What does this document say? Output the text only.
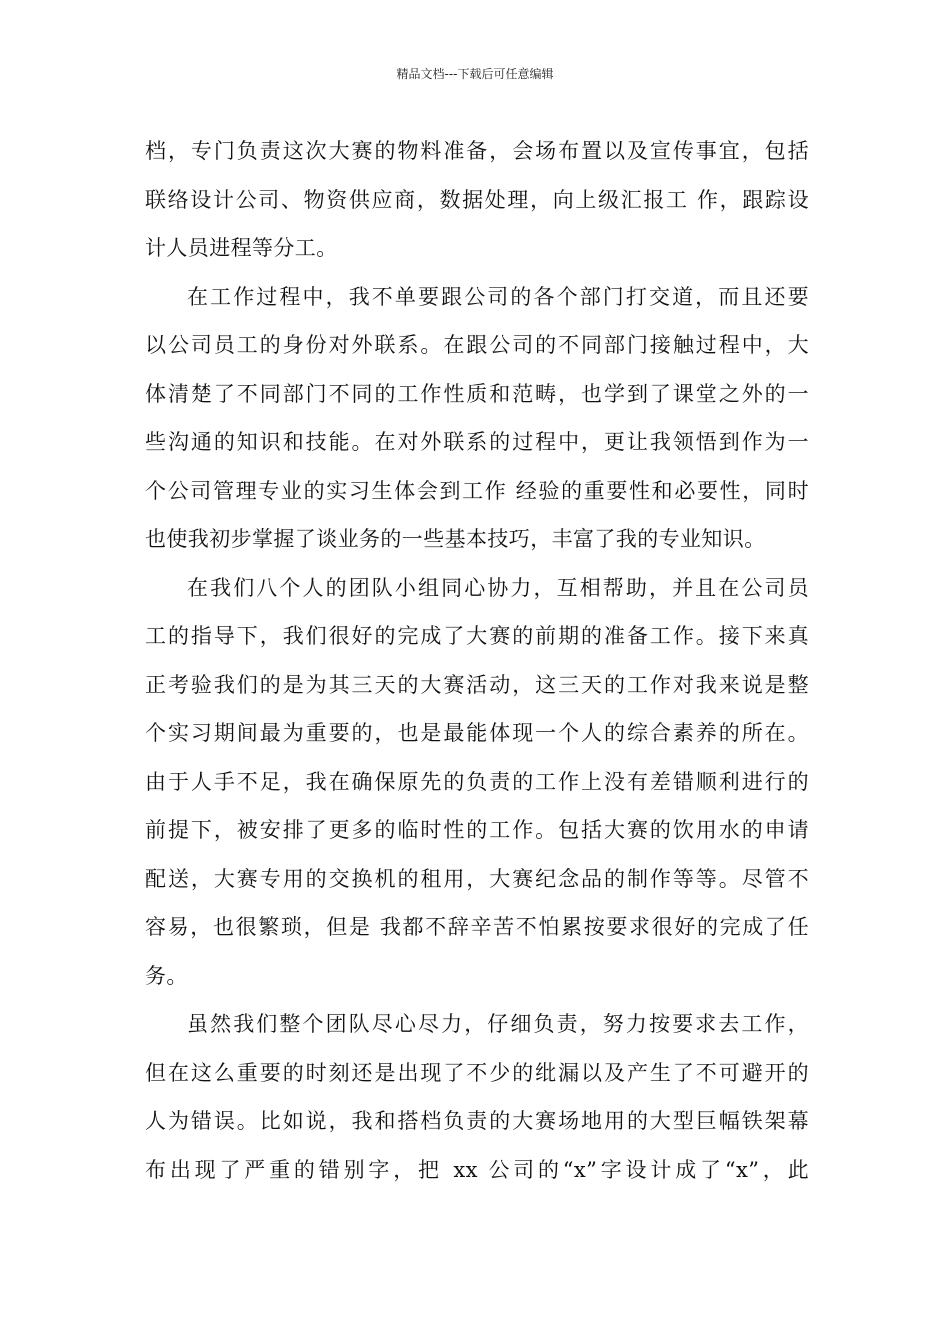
精品文档---下载后可任意编辑
档，专门负责这次大赛的物料准备，会场布置以及宣传事宜，包括
联络设计公司、物资供应商，数据处理，向上级汇报工 作，跟踪设
计人员进程等分工。
在工作过程中，我不单要跟公司的各个部门打交道，而且还要
以公司员工的身份对外联系。在跟公司的不同部门接触过程中，大
体清楚了不同部门不同的工作性质和范畴，也学到了课堂之外的一
些沟通的知识和技能。在对外联系的过程中，更让我领悟到作为一
个公司管理专业的实习生体会到工作 经验的重要性和必要性，同时
也使我初步掌握了谈业务的一些基本技巧，丰富了我的专业知识。
在我们八个人的团队小组同心协力，互相帮助，并且在公司员
工的指导下，我们很好的完成了大赛的前期的准备工作。接下来真
正考验我们的是为其三天的大赛活动，这三天的工作对我来说是整
个实习期间最为重要的，也是最能体现一个人的综合素养的所在。
由于人手不足，我在确保原先的负责的工作上没有差错顺利进行的
前提下，被安排了更多的临时性的工作。包括大赛的饮用水的申请
配送，大赛专用的交换机的租用，大赛纪念品的制作等等。尽管不
容易，也很繁琐，但是 我都不辞辛苦不怕累按要求很好的完成了任
务。
虽然我们整个团队尽心尽力，仔细负责，努力按要求去工作，
但在这么重要的时刻还是出现了不少的纰漏以及产生了不可避开的
人为错误。比如说，我和搭档负责的大赛场地用的大型巨幅铁架幕
布出现了严重的错别字，把 xx 公司的“x”字设计成了“x”，此
